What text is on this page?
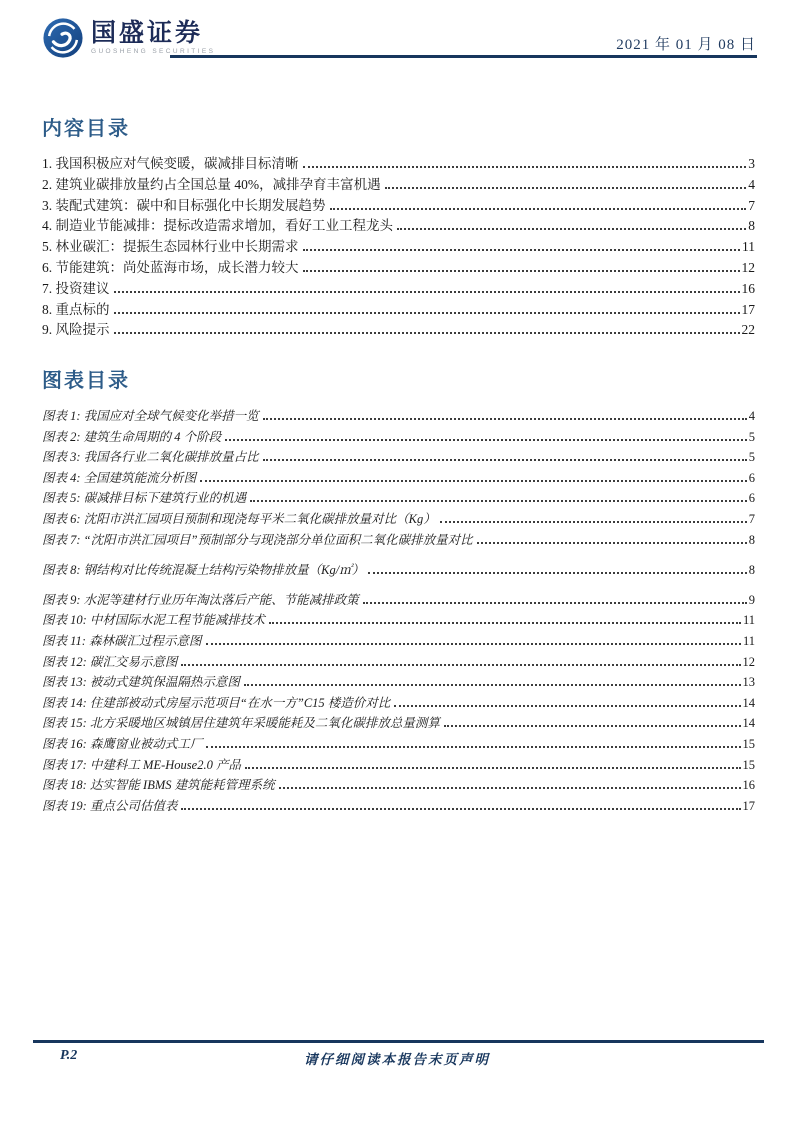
国盛证券
GUOSHENG SECURITIES	2021 年 01 月 08 日
内容目录
1. 我国积极应对气候变暖，碳减排目标清晰	3
2. 建筑业碳排放量约占全国总量 40%，减排孕育丰富机遇	4
3. 装配式建筑：碳中和目标强化中长期发展趋势	7
4. 制造业节能减排：提标改造需求增加，看好工业工程龙头	8
5. 林业碳汇：提振生态园林行业中长期需求	11
6. 节能建筑：尚处蓝海市场，成长潜力较大	12
7. 投资建议	16
8. 重点标的	17
9. 风险提示	22
图表目录
图表 1: 我国应对全球气候变化举措一览	4
图表 2: 建筑生命周期的 4 个阶段	5
图表 3: 我国各行业二氧化碳排放量占比	5
图表 4: 全国建筑能流分析图	6
图表 5: 碳减排目标下建筑行业的机遇	6
图表 6: 沈阳市洪汇园项目预制和现浇每平米二氧化碳排放量对比（Kg）	7
图表 7: “沈阳市洪汇园项目”预制部分与现浇部分单位面积二氧化碳排放量对比	8
图表 8: 钢结构对比传统混凝土结构污染物排放量（Kg/㎡）	8
图表 9: 水泥等建材行业历年淘汰落后产能、节能减排政策	9
图表 10: 中材国际水泥工程节能减排技术	11
图表 11: 森林碳汇过程示意图	11
图表 12: 碳汇交易示意图	12
图表 13: 被动式建筑保温隔热示意图	13
图表 14: 住建部被动式房屋示范项目“在水一方”C15 楼造价对比	14
图表 15: 北方采暖地区城镇居住建筑年采暖能耗及二氧化碳排放总量测算	14
图表 16: 森鹰窗业被动式工厂	15
图表 17: 中建科工 ME-House2.0 产品	15
图表 18: 达实智能 IBMS 建筑能耗管理系统	16
图表 19: 重点公司估值表	17
P.2	请仔细阅读本报告末页声明
